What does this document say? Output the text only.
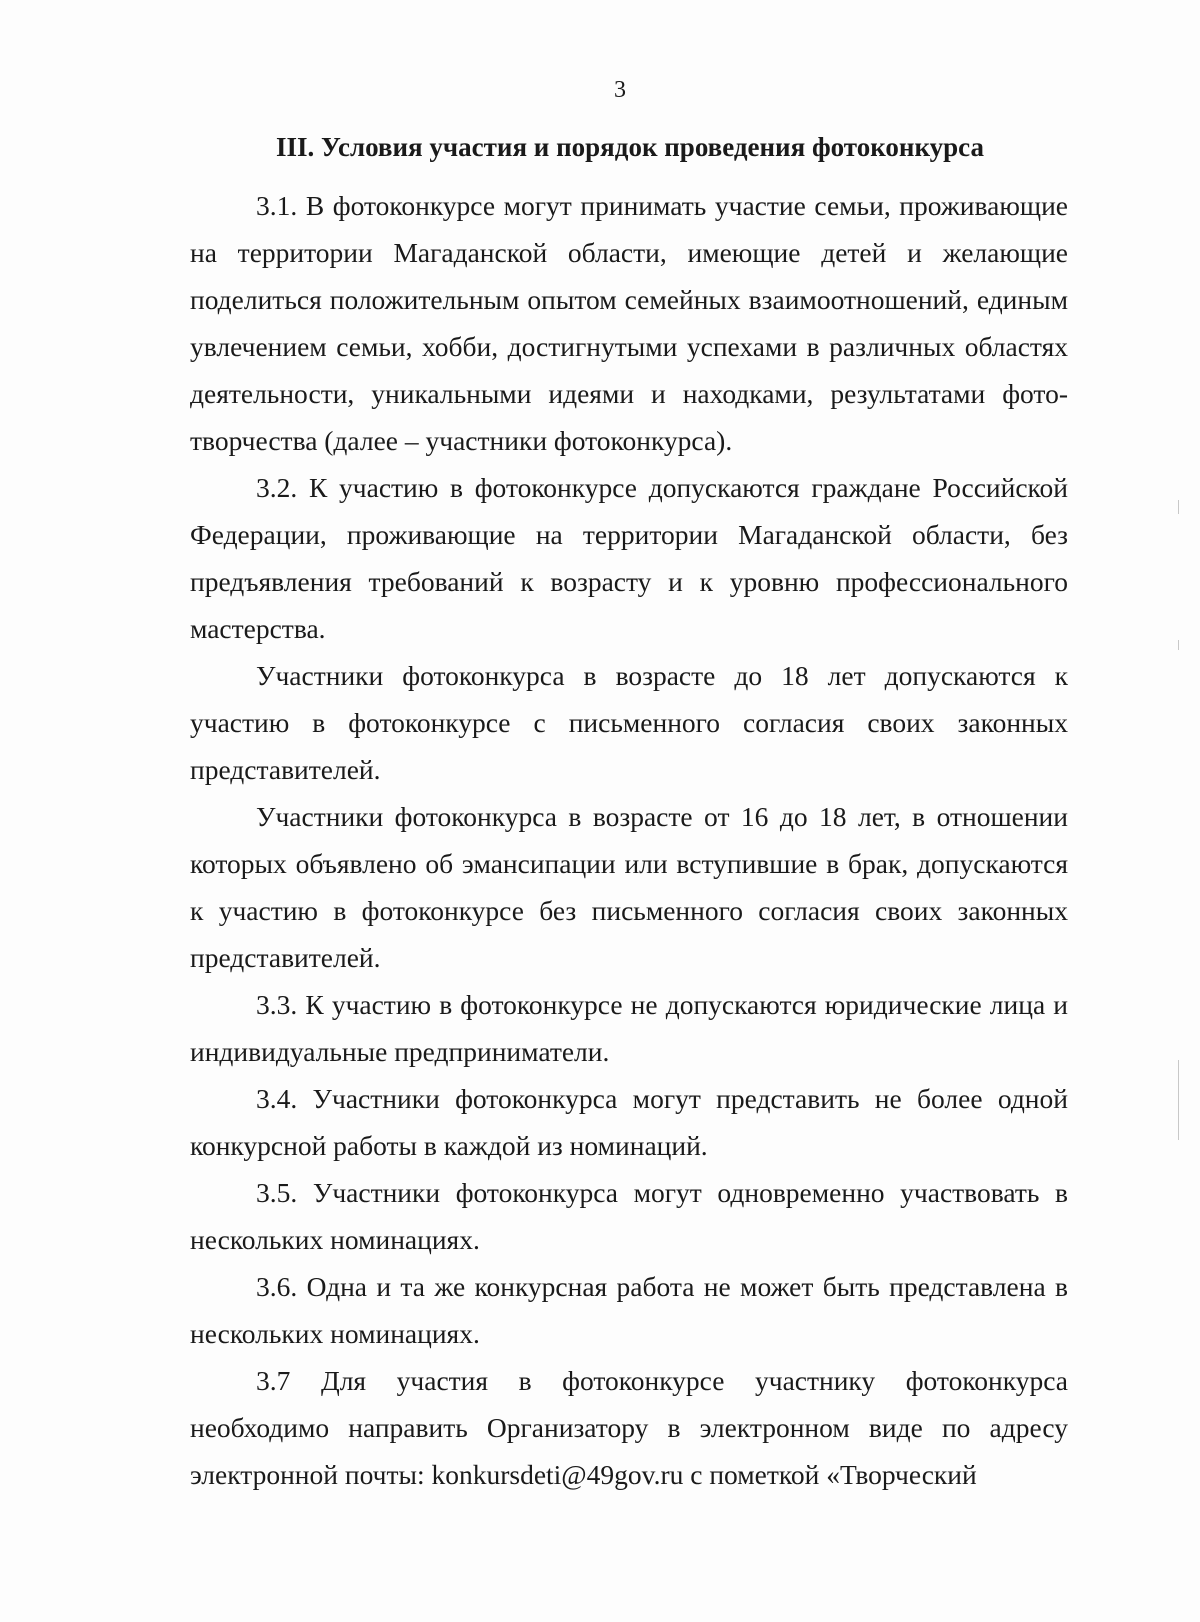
3
III. Условия участия и порядок проведения фотоконкурса

3.1. В фотоконкурсе могут принимать участие семьи, проживающие на территории Магаданской области, имеющие детей и желающие поделиться положительным опытом семейных взаимоотношений, единым увлечением семьи, хобби, достигнутыми успехами в различных областях деятельности, уникальными идеями и находками, результатами фото-творчества (далее – участники фотоконкурса).

3.2. К участию в фотоконкурсе допускаются граждане Российской Федерации, проживающие на территории Магаданской области, без предъявления требований к возрасту и к уровню профессионального мастерства.

Участники фотоконкурса в возрасте до 18 лет допускаются к участию в фотоконкурсе с письменного согласия своих законных представителей.

Участники фотоконкурса в возрасте от 16 до 18 лет, в отношении которых объявлено об эмансипации или вступившие в брак, допускаются к участию в фотоконкурсе без письменного согласия своих законных представителей.

3.3. К участию в фотоконкурсе не допускаются юридические лица и индивидуальные предприниматели.

3.4. Участники фотоконкурса могут представить не более одной конкурсной работы в каждой из номинаций.

3.5. Участники фотоконкурса могут одновременно участвовать в нескольких номинациях.

3.6. Одна и та же конкурсная работа не может быть представлена в нескольких номинациях.

3.7 Для участия в фотоконкурсе участнику фотоконкурса необходимо направить Организатору в электронном виде по адресу электронной почты: konkursdeti@49gov.ru с пометкой «Творческий
